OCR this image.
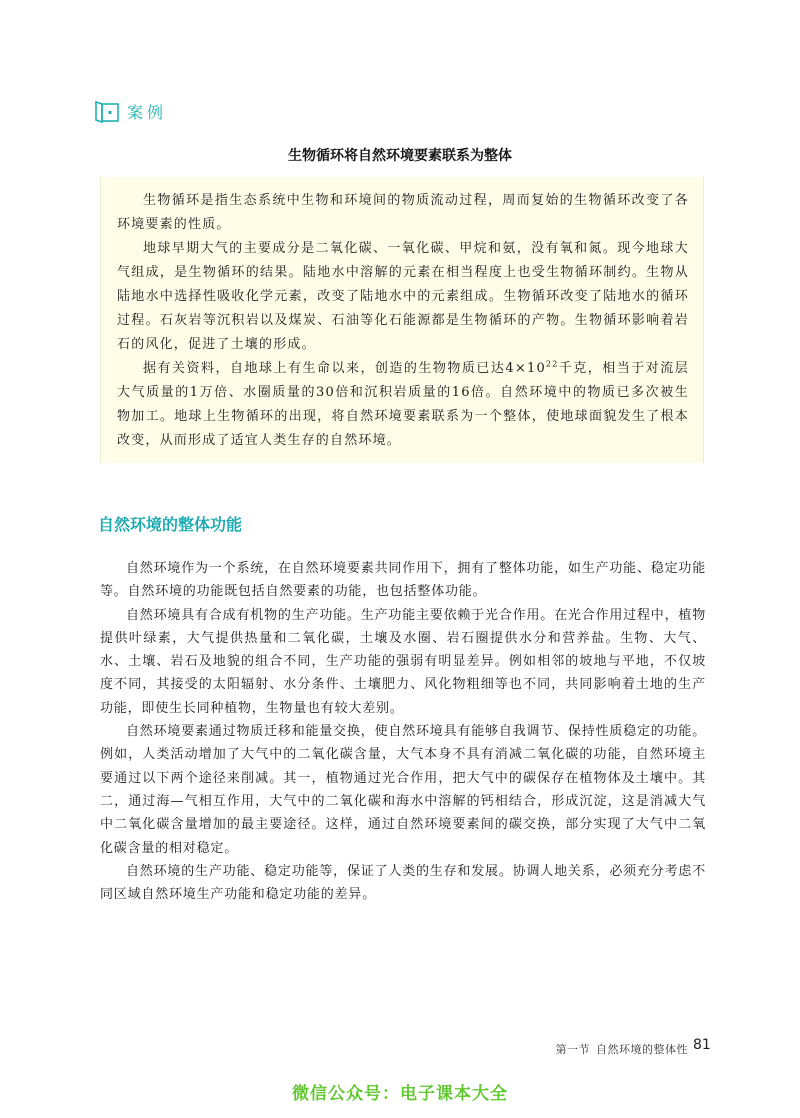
案例
生物循环将自然环境要素联系为整体

生物循环是指生态系统中生物和环境间的物质流动过程，周而复始的生物循环改变了各环境要素的性质。

地球早期大气的主要成分是二氧化碳、一氧化碳、甲烷和氨，没有氧和氮。现今地球大气组成，是生物循环的结果。陆地水中溶解的元素在相当程度上也受生物循环制约。生物从陆地水中选择性吸收化学元素，改变了陆地水中的元素组成。生物循环改变了陆地水的循环过程。石灰岩等沉积岩以及煤炭、石油等化石能源都是生物循环的产物。生物循环影响着岩石的风化，促进了土壤的形成。

据有关资料，自地球上有生命以来，创造的生物物质已达$4\times 10^{22}$千克，相当于对流层大气质量的1万倍、水圈质量的30倍和沉积岩质量的16倍。自然环境中的物质已多次被生物加工。地球上生物循环的出现，将自然环境要素联系为一个整体，使地球面貌发生了根本改变，从而形成了适宜人类生存的自然环境。

自然环境的整体功能

自然环境作为一个系统，在自然环境要素共同作用下，拥有了整体功能，如生产功能、稳定功能等。自然环境的功能既包括自然要素的功能，也包括整体功能。

自然环境具有合成有机物的生产功能。生产功能主要依赖于光合作用。在光合作用过程中，植物提供叶绿素，大气提供热量和二氧化碳，土壤及水圈、岩石圈提供水分和营养盐。生物、大气、水、土壤、岩石及地貌的组合不同，生产功能的强弱有明显差异。例如相邻的坡地与平地，不仅坡度不同，其接受的太阳辐射、水分条件、土壤肥力、风化物粗细等也不同，共同影响着土地的生产功能，即使生长同种植物，生物量也有较大差别。

自然环境要素通过物质迁移和能量交换，使自然环境具有能够自我调节、保持性质稳定的功能。例如，人类活动增加了大气中的二氧化碳含量，大气本身不具有消减二氧化碳的功能，自然环境主要通过以下两个途径来削减。其一，植物通过光合作用，把大气中的碳保存在植物体及土壤中。其二，通过海—气相互作用，大气中的二氧化碳和海水中溶解的钙相结合，形成沉淀，这是消减大气中二氧化碳含量增加的最主要途径。这样，通过自然环境要素间的碳交换，部分实现了大气中二氧化碳含量的相对稳定。

自然环境的生产功能、稳定功能等，保证了人类的生存和发展。协调人地关系，必须充分考虑不同区域自然环境生产功能和稳定功能的差异。

第一节 自然环境的整体性 81
微信公众号：电子课本大全
